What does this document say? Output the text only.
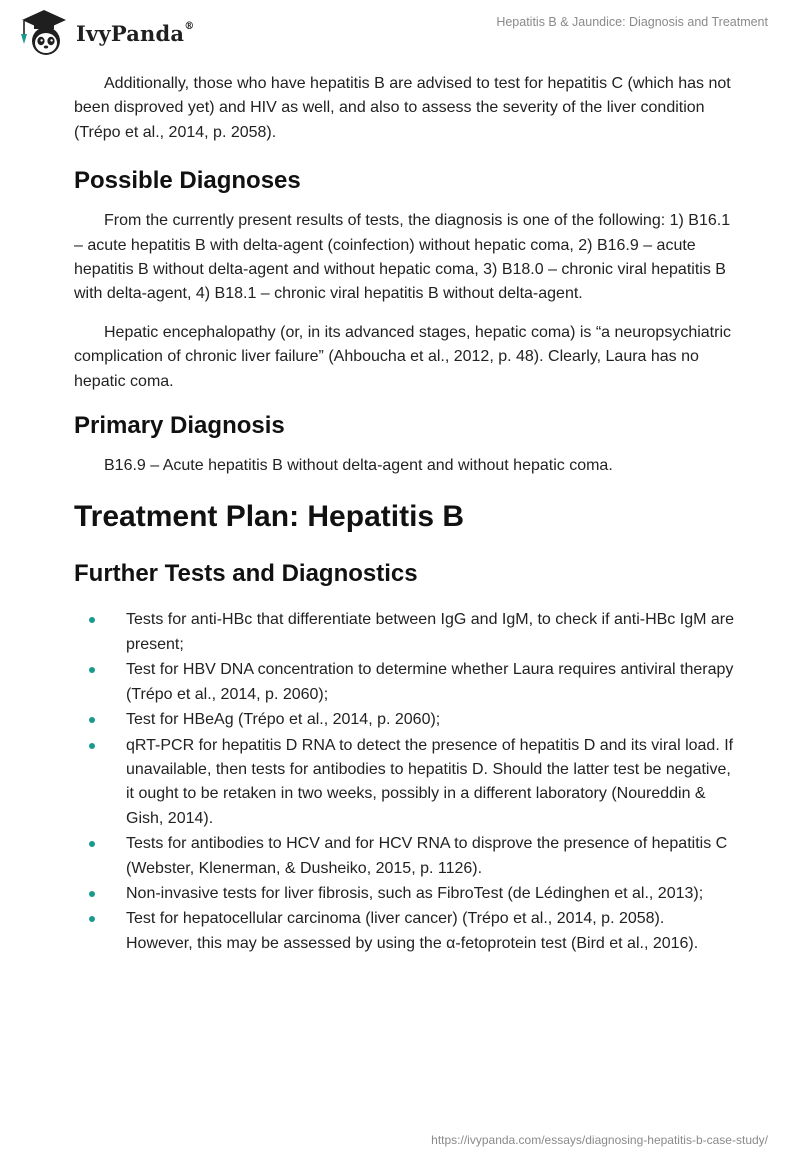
IvyPanda®	Hepatitis B & Jaundice: Diagnosis and Treatment

Additionally, those who have hepatitis B are advised to test for hepatitis C (which has not been disproved yet) and HIV as well, and also to assess the severity of the liver condition (Trépo et al., 2014, p. 2058).

Possible Diagnoses

From the currently present results of tests, the diagnosis is one of the following: 1) B16.1 – acute hepatitis B with delta-agent (coinfection) without hepatic coma, 2) B16.9 – acute hepatitis B without delta-agent and without hepatic coma, 3) B18.0 – chronic viral hepatitis B with delta-agent, 4) B18.1 – chronic viral hepatitis B without delta-agent.

Hepatic encephalopathy (or, in its advanced stages, hepatic coma) is “a neuropsychiatric complication of chronic liver failure” (Ahboucha et al., 2012, p. 48). Clearly, Laura has no hepatic coma.

Primary Diagnosis

B16.9 – Acute hepatitis B without delta-agent and without hepatic coma.

Treatment Plan: Hepatitis B
Further Tests and Diagnostics
Tests for anti-HBc that differentiate between IgG and IgM, to check if anti-HBc IgM are present;
Test for HBV DNA concentration to determine whether Laura requires antiviral therapy (Trépo et al., 2014, p. 2060);
Test for HBeAg (Trépo et al., 2014, p. 2060);
qRT-PCR for hepatitis D RNA to detect the presence of hepatitis D and its viral load. If unavailable, then tests for antibodies to hepatitis D. Should the latter test be negative, it ought to be retaken in two weeks, possibly in a different laboratory (Noureddin & Gish, 2014).
Tests for antibodies to HCV and for HCV RNA to disprove the presence of hepatitis C (Webster, Klenerman, & Dusheiko, 2015, p. 1126).
Non-invasive tests for liver fibrosis, such as FibroTest (de Lédinghen et al., 2013);
Test for hepatocellular carcinoma (liver cancer) (Trépo et al., 2014, p. 2058). However, this may be assessed by using the α-fetoprotein test (Bird et al., 2016).
https://ivypanda.com/essays/diagnosing-hepatitis-b-case-study/
